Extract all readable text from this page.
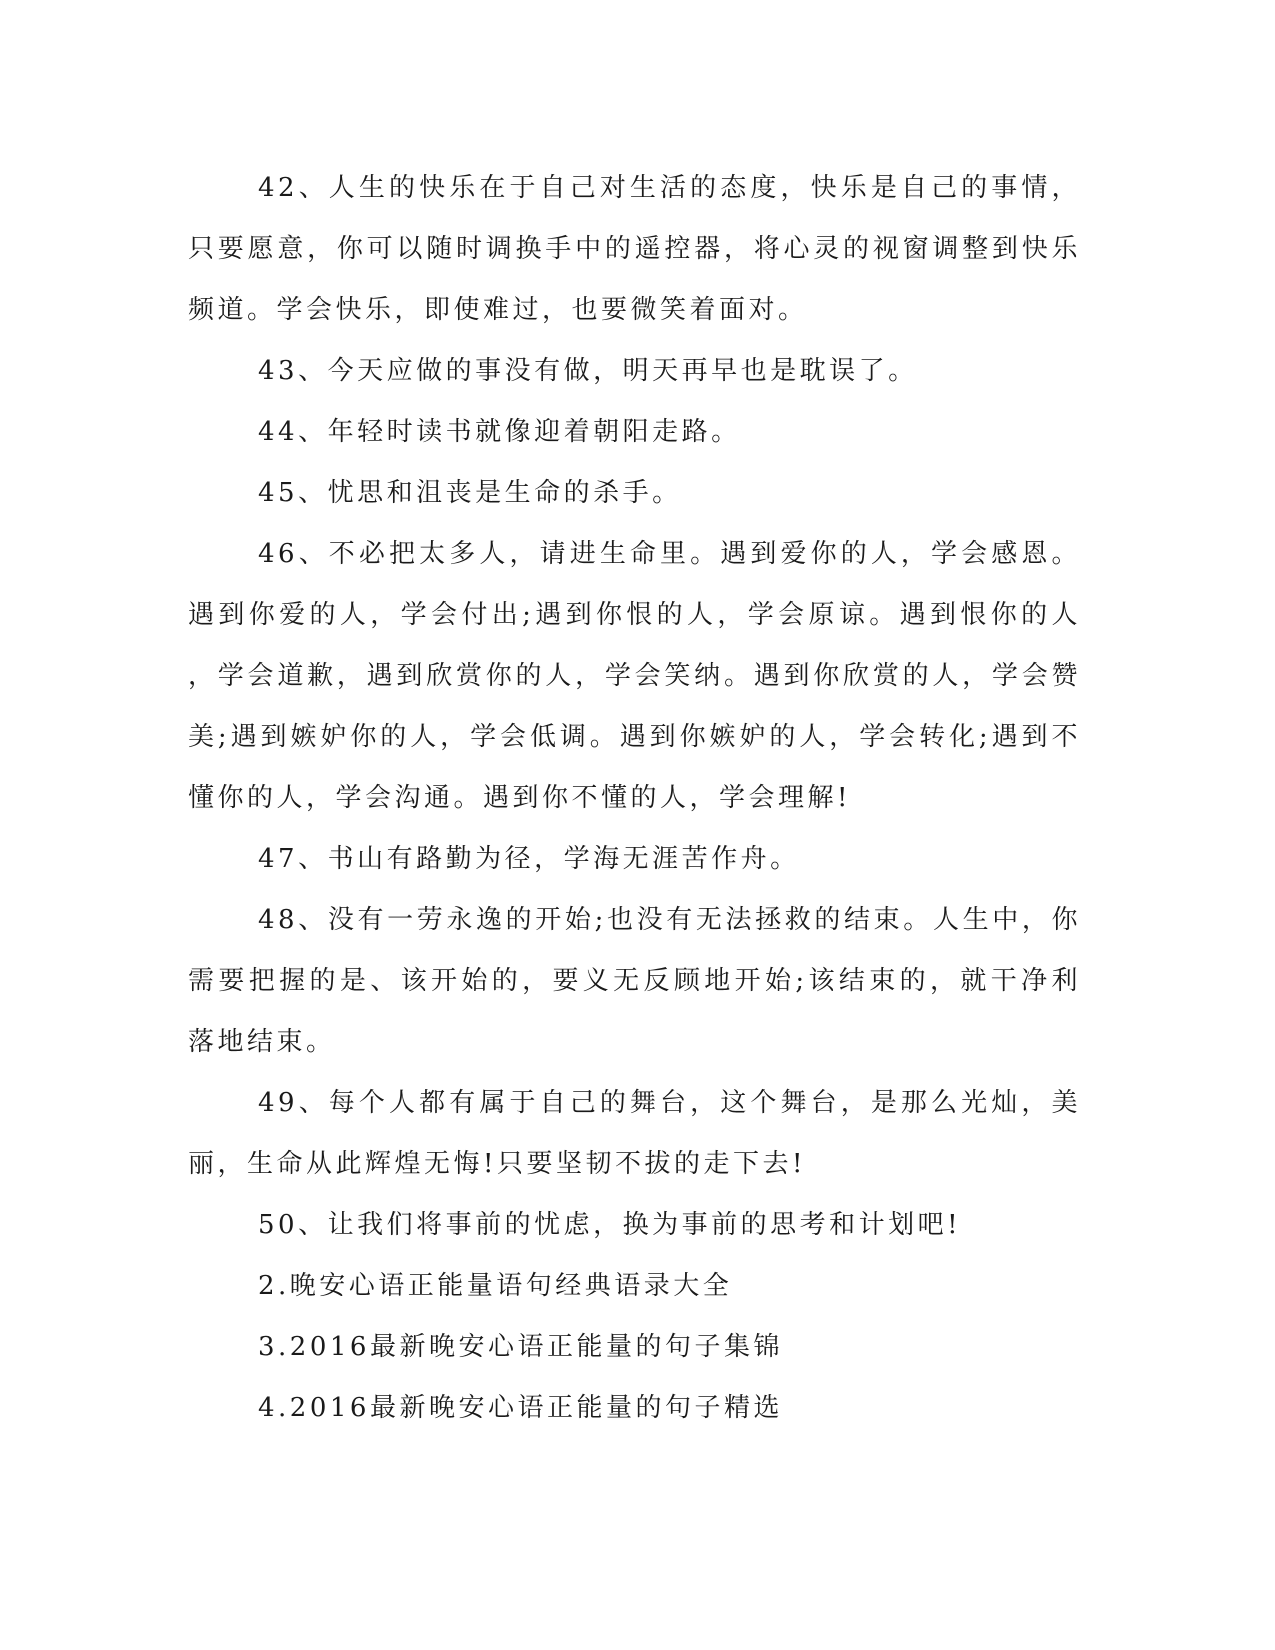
42、人生的快乐在于自己对生活的态度，快乐是自己的事情，只要愿意，你可以随时调换手中的遥控器，将心灵的视窗调整到快乐频道。学会快乐，即使难过，也要微笑着面对。

43、今天应做的事没有做，明天再早也是耽误了。

44、年轻时读书就像迎着朝阳走路。

45、忧思和沮丧是生命的杀手。

46、不必把太多人，请进生命里。遇到爱你的人，学会感恩。遇到你爱的人，学会付出;遇到你恨的人，学会原谅。遇到恨你的人，学会道歉，遇到欣赏你的人，学会笑纳。遇到你欣赏的人，学会赞美;遇到嫉妒你的人，学会低调。遇到你嫉妒的人，学会转化;遇到不懂你的人，学会沟通。遇到你不懂的人，学会理解!

47、书山有路勤为径，学海无涯苦作舟。

48、没有一劳永逸的开始;也没有无法拯救的结束。人生中，你需要把握的是、该开始的，要义无反顾地开始;该结束的，就干净利落地结束。

49、每个人都有属于自己的舞台，这个舞台，是那么光灿，美丽，生命从此辉煌无悔!只要坚韧不拔的走下去!

50、让我们将事前的忧虑，换为事前的思考和计划吧!

2.晚安心语正能量语句经典语录大全

3.2016最新晚安心语正能量的句子集锦

4.2016最新晚安心语正能量的句子精选
